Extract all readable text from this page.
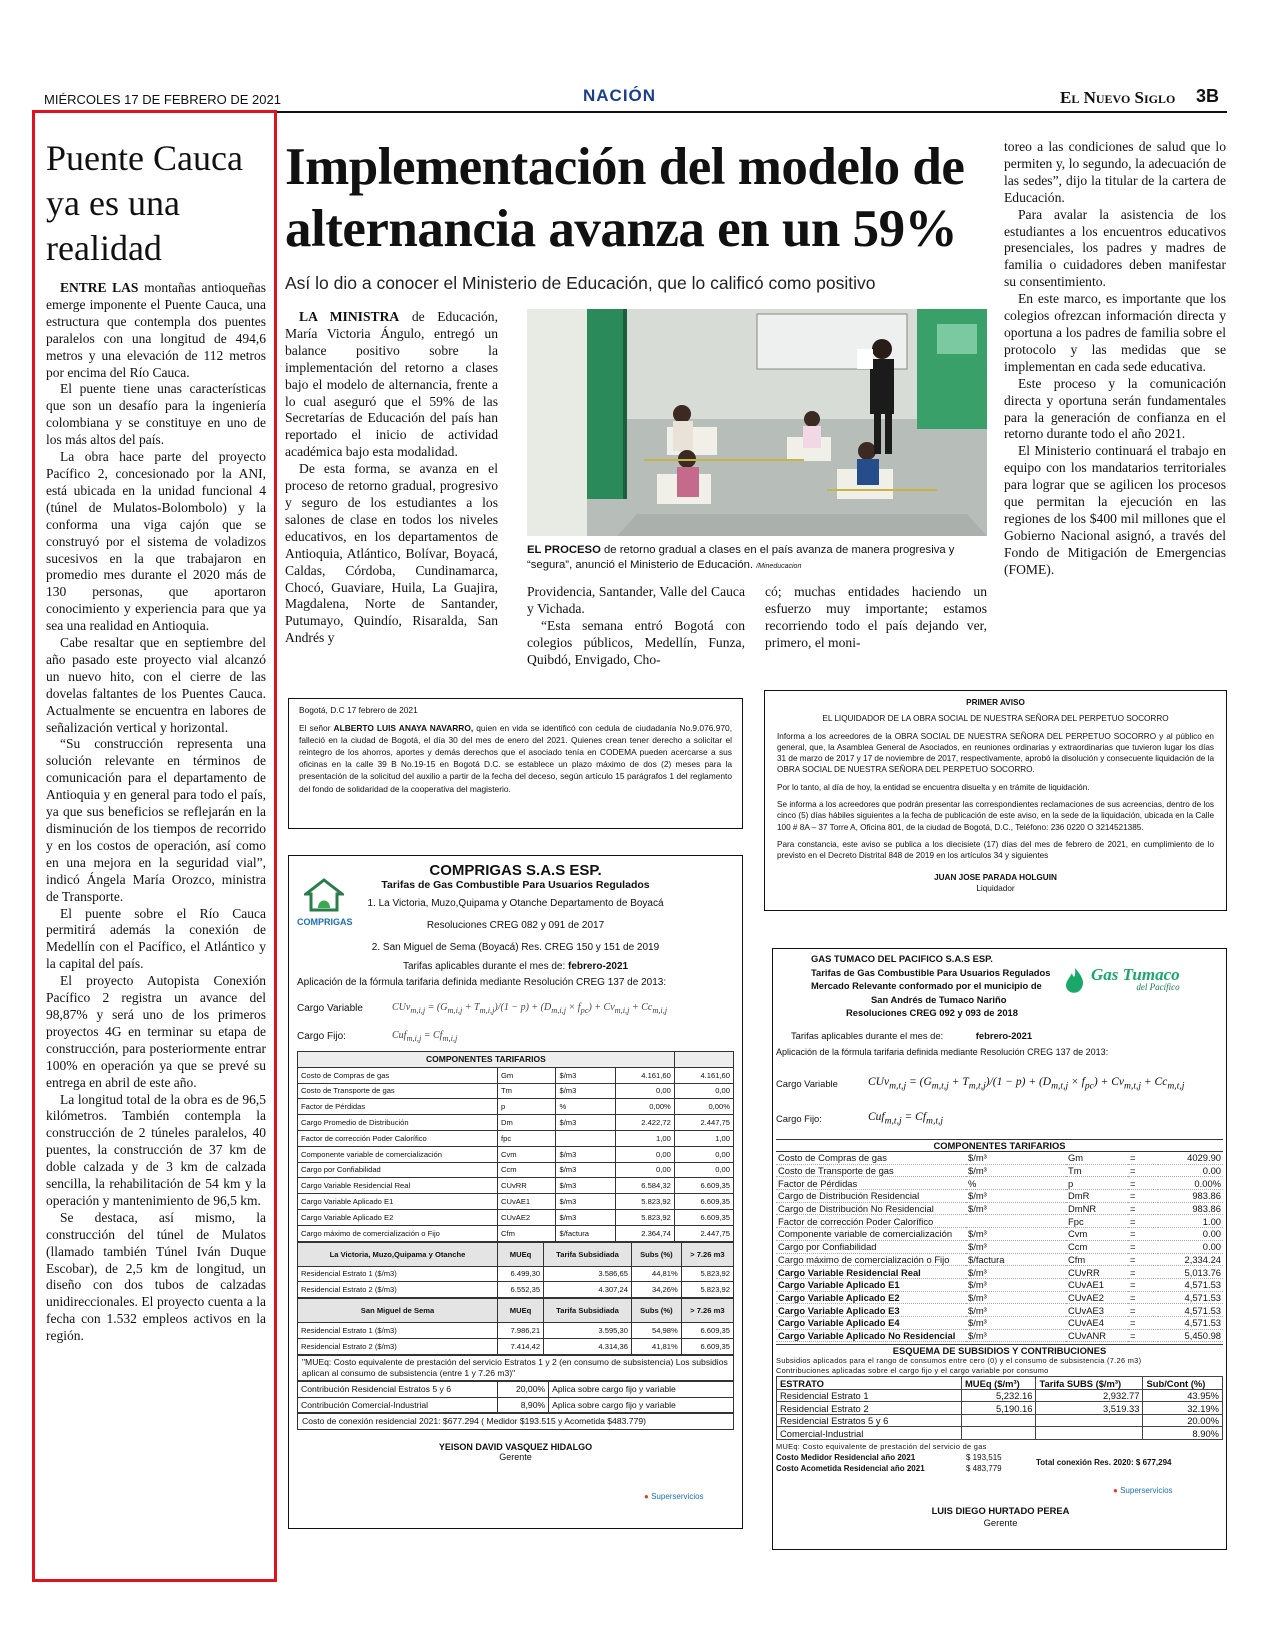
MIÉRCOLES 17 DE FEBRERO DE 2021	NACIÓN	El Nuevo Siglo 3B
Puente Cauca ya es una realidad

ENTRE LAS montañas antioqueñas emerge imponente el Puente Cauca, una estructura que contempla dos puentes paralelos con una longitud de 494,6 metros y una elevación de 112 metros por encima del Río Cauca.

El puente tiene unas características que son un desafío para la ingeniería colombiana y se constituye en uno de los más altos del país.

La obra hace parte del proyecto Pacífico 2, concesionado por la ANI, está ubicada en la unidad funcional 4 (túnel de Mulatos-Bolombolo) y la conforma una viga cajón que se construyó por el sistema de voladizos sucesivos en la que trabajaron en promedio mes durante el 2020 más de 130 personas, que aportaron conocimiento y experiencia para que ya sea una realidad en Antioquia.

Cabe resaltar que en septiembre del año pasado este proyecto vial alcanzó un nuevo hito, con el cierre de las dovelas faltantes de los Puentes Cauca. Actualmente se encuentra en labores de señalización vertical y horizontal.

“Su construcción representa una solución relevante en términos de comunicación para el departamento de Antioquia y en general para todo el país, ya que sus beneficios se reflejarán en la disminución de los tiempos de recorrido y en los costos de operación, así como en una mejora en la seguridad vial”, indicó Ángela María Orozco, ministra de Transporte.

El puente sobre el Río Cauca permitirá además la conexión de Medellín con el Pacífico, el Atlántico y la capital del país.

El proyecto Autopista Conexión Pacífico 2 registra un avance del 98,87% y será uno de los primeros proyectos 4G en terminar su etapa de construcción, para posteriormente entrar 100% en operación ya que se prevé su entrega en abril de este año.

La longitud total de la obra es de 96,5 kilómetros. También contempla la construcción de 2 túneles paralelos, 40 puentes, la construcción de 37 km de doble calzada y de 3 km de calzada sencilla, la rehabilitación de 54 km y la operación y mantenimiento de 96,5 km.

Se destaca, así mismo, la construcción del túnel de Mulatos (llamado también Túnel Iván Duque Escobar), de 2,5 km de longitud, un diseño con dos tubos de calzadas unidireccionales. El proyecto cuenta a la fecha con 1.532 empleos activos en la región.

Implementación del modelo de alternancia avanza en un 59%
Así lo dio a conocer el Ministerio de Educación, que lo calificó como positivo

LA MINISTRA de Educación, María Victoria Ángulo, entregó un balance positivo sobre la implementación del retorno a clases bajo el modelo de alternancia, frente a lo cual aseguró que el 59% de las Secretarías de Educación del país han reportado el inicio de actividad académica bajo esta modalidad.

De esta forma, se avanza en el proceso de retorno gradual, progresivo y seguro de los estudiantes a los salones de clase en todos los niveles educativos, en los departamentos de Antioquia, Atlántico, Bolívar, Boyacá, Caldas, Córdoba, Cundinamarca, Chocó, Guaviare, Huila, La Guajira, Magdalena, Norte de Santander, Putumayo, Quindío, Risaralda, San Andrés y

EL PROCESO de retorno gradual a clases en el país avanza de manera progresiva y “segura”, anunció el Ministerio de Educación. /Mineducacion

Providencia, Santander, Valle del Cauca y Vichada.

“Esta semana entró Bogotá con colegios públicos, Medellín, Funza, Quibdó, Envigado, Cho-

có; muchas entidades haciendo un esfuerzo muy importante; estamos recorriendo todo el país dejando ver, primero, el moni-

toreo a las condiciones de salud que lo permiten y, lo segundo, la adecuación de las sedes”, dijo la titular de la cartera de Educación.

Para avalar la asistencia de los estudiantes a los encuentros educativos presenciales, los padres y madres de familia o cuidadores deben manifestar su consentimiento.

En este marco, es importante que los colegios ofrezcan información directa y oportuna a los padres de familia sobre el protocolo y las medidas que se implementan en cada sede educativa.

Este proceso y la comunicación directa y oportuna serán fundamentales para la generación de confianza en el retorno durante todo el año 2021.

El Ministerio continuará el trabajo en equipo con los mandatarios territoriales para lograr que se agilicen los procesos que permitan la ejecución en las regiones de los $400 mil millones que el Gobierno Nacional asignó, a través del Fondo de Mitigación de Emergencias (FOME).

Bogotá, D.C 17 febrero de 2021
El señor ALBERTO LUIS ANAYA NAVARRO, quien en vida se identificó con cedula de ciudadanía No.9.076.970, falleció en la ciudad de Bogotá, el día 30 del mes de enero del 2021. Quienes crean tener derecho a solicitar el reintegro de los ahorros, aportes y demás derechos que el asociado tenía en CODEMA pueden acercarse a sus oficinas en la calle 39 B No.19-15 en Bogotá D.C. se establece un plazo máximo de dos (2) meses para la presentación de la solicitud del auxilio a partir de la fecha del deceso, según artículo 15 parágrafos 1 del reglamento del fondo de solidaridad de la cooperativa del magisterio.
PRIMER AVISO
EL LIQUIDADOR DE LA OBRA SOCIAL DE NUESTRA SEÑORA DEL PERPETUO SOCORRO
Informa a los acreedores de la OBRA SOCIAL DE NUESTRA SEÑORA DEL PERPETUO SOCORRO y al público en general, que, la Asamblea General de Asociados, en reuniones ordinarias y extraordinarias que tuvieron lugar los días 31 de marzo de 2017 y 17 de noviembre de 2017, respectivamente, aprobó la disolución y consecuente liquidación de la OBRA SOCIAL DE NUESTRA SEÑORA DEL PERPETUO SOCORRO.
Por lo tanto, al día de hoy, la entidad se encuentra disuelta y en trámite de liquidación.
Se informa a los acreedores que podrán presentar las correspondientes reclamaciones de sus acreencias, dentro de los cinco (5) días hábiles siguientes a la fecha de publicación de este aviso, en la sede de la liquidación, ubicada en la Calle 100 # 8A – 37 Torre A, Oficina 801, de la ciudad de Bogotá, D.C., Teléfono: 236 0220 O 3214521385.
Para constancia, este aviso se publica a los diecisiete (17) días del mes de febrero de 2021, en cumplimiento de lo previsto en el Decreto Distrital 848 de 2019 en los artículos 34 y siguientes
JUAN JOSE PARADA HOLGUIN
Liquidador
COMPRIGAS
COMPRIGAS S.A.S ESP.
Tarifas de Gas Combustible Para Usuarios Regulados
1. La Victoria, Muzo,Quipama y Otanche Departamento de Boyacá
Resoluciones CREG 082 y 091 de 2017
2. San Miguel de Sema (Boyacá) Res. CREG 150 y 151 de 2019
Tarifas aplicables durante el mes de: febrero-2021
Aplicación de la fórmula tarifaria definida mediante Resolución CREG 137 de 2013:
Cargo Variable	$CUv_{m,i,j} = (G_{m,i,j} + T_{m,i,j})/(1 - p) + (D_{m,i,j} \times f_{pc}) + Cv_{m,i,j} + Cc_{m,i,j}$
Cargo Fijo:	$Cuf_{m,i,j} = Cf_{m,i,j}$
COMPONENTES TARIFARIOS				
Costo de Compras de gas	Gm	$/m3	4.161,60	4.161,60
Costo de Transporte de gas	Tm	$/m3	0,00	0,00
Factor de Pérdidas	p	%	0,00%	0,00%
Cargo Promedio de Distribución	Dm	$/m3	2.422,72	2.447,75
Factor de corrección Poder Calorífico	fpc		1,00	1,00
Componente variable de comercialización	Cvm	$/m3	0,00	0,00
Cargo por Confiabilidad	Ccm	$/m3	0,00	0,00
Cargo Variable Residencial Real	CUvRR	$/m3	6.584,32	6.609,35
Cargo Variable Aplicado E1	CUvAE1	$/m3	5.823,92	6.609,35
Cargo Variable Aplicado E2	CUvAE2	$/m3	5.823,92	6.609,35
Cargo máximo de comercialización o Fijo	Cfm	$/factura	2.364,74	2.447,75
La Victoria, Muzo,Quipama y Otanche	MUEq	Tarifa Subsidiada	Subs (%)	> 7.26 m3
Residencial Estrato 1 ($/m3)	6.499,30	3.586,65	44,81%	5.823,92
Residencial Estrato 2 ($/m3)	6.552,35	4.307,24	34,26%	5.823,92
San Miguel de Sema	MUEq	Tarifa Subsidiada	Subs (%)	> 7.26 m3
Residencial Estrato 1 ($/m3)	7.986,21	3.595,30	54,98%	6.609,35
Residencial Estrato 2 ($/m3)	7.414,42	4.314,36	41,81%	6.609,35
"MUEq: Costo equivalente de prestación del servicio Estratos 1 y 2 (en consumo de subsistencia) Los subsidios aplican al consumo de subsistencia (entre 1 y 7.26 m3)"
Contribución Residencial Estratos 5 y 6	20,00%	Aplica sobre cargo fijo y variable
Contribución Comercial-Industrial	8,90%	Aplica sobre cargo fijo y variable
Costo de conexión residencial 2021: $677.294 ( Medidor $193.515 y Acometida $483.779)
YEISON DAVID VASQUEZ HIDALGO
Gerente
● Superservicios
GAS TUMACO DEL PACIFICO S.A.S ESP.
Tarifas de Gas Combustible Para Usuarios Regulados
Mercado Relevante conformado por el municipio de
San Andrés de Tumaco Nariño
Resoluciones CREG 092 y 093 de 2018
Gas Tumaco
del Pacífico
Tarifas aplicables durante el mes de:	febrero-2021
Aplicación de la fórmula tarifaria definida mediante Resolución CREG 137 de 2013:
Cargo Variable	$CUv_{m,t,j} = (G_{m,t,j} + T_{m,t,j})/(1 - p) + (D_{m,t,j} \times f_{pc}) + Cv_{m,t,j} + Cc_{m,t,j}$
Cargo Fijo:	$Cuf_{m,t,j} = Cf_{m,t,j}$
COMPONENTES TARIFARIOS
Costo de Compras de gas	$/m³	Gm	=	4029.90
Costo de Transporte de gas	$/m³	Tm	=	0.00
Factor de Pérdidas	%	p	=	0.00%
Cargo de Distribución Residencial	$/m³	DmR	=	983.86
Cargo de Distribución No Residencial	$/m³	DmNR	=	983.86
Factor de corrección Poder Calorífico		Fpc	=	1.00
Componente variable de comercialización	$/m³	Cvm	=	0.00
Cargo por Confiabilidad	$/m³	Ccm	=	0.00
Cargo máximo de comercialización o Fijo	$/factura	Cfm	=	2,334.24
Cargo Variable Residencial Real	$/m³	CUvRR	=	5,013.76
Cargo Variable Aplicado E1	$/m³	CUvAE1	=	4,571.53
Cargo Variable Aplicado E2	$/m³	CUvAE2	=	4,571.53
Cargo Variable Aplicado E3	$/m³	CUvAE3	=	4,571.53
Cargo Variable Aplicado E4	$/m³	CUvAE4	=	4,571.53
Cargo Variable Aplicado No Residencial	$/m³	CUvANR	=	5,450.98
ESQUEMA DE SUBSIDIOS Y CONTRIBUCIONES
Subsidios aplicados para el rango de consumos entre cero (0) y el consumo de subsistencia (7.26 m3)
Contribuciones aplicadas sobre el cargo fijo y el cargo variable por consumo
ESTRATO	MUEq ($/m³)	Tarifa SUBS ($/m³)	Sub/Cont (%)
Residencial Estrato 1	5,232.16	2,932.77	43.95%
Residencial Estrato 2	5,190.16	3,519.33	32.19%
Residencial Estratos 5 y 6			20.00%
Comercial-Industrial			8.90%
MUEq: Costo equivalente de prestación del servicio de gas
Costo Medidor Residencial año 2021
Costo Acometida Residencial año 2021
$ 193,515
$ 483,779
Total conexión Res. 2020: $ 677,294
● Superservicios
LUIS DIEGO HURTADO PEREA
Gerente
